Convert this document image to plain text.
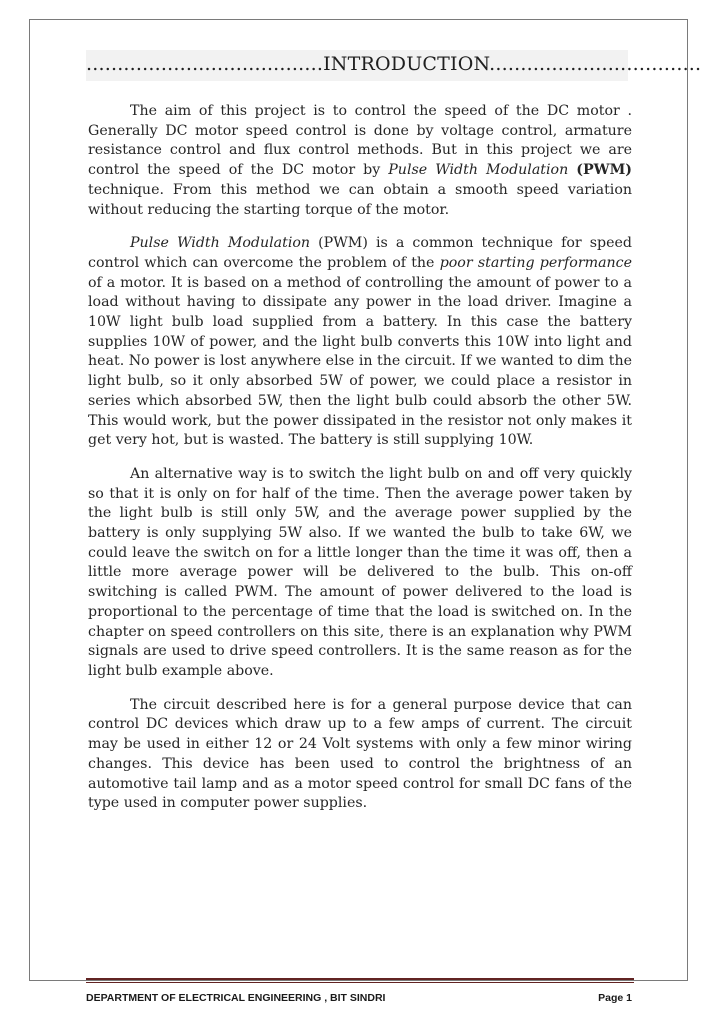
......................................INTRODUCTION..................................

The aim of this project is to control the speed of the DC motor . Generally DC motor speed control is done by voltage control, armature resistance control and flux control methods. But in this project we are control the speed of the DC motor by Pulse Width Modulation (PWM) technique. From this method we can obtain a smooth speed variation without reducing the starting torque of the motor.

Pulse Width Modulation (PWM) is a common technique for speed control which can overcome the problem of the poor starting performance of a motor. It is based on a method of controlling the amount of power to a load without having to dissipate any power in the load driver. Imagine a 10W light bulb load supplied from a battery. In this case the battery supplies 10W of power, and the light bulb converts this 10W into light and heat. No power is lost anywhere else in the circuit. If we wanted to dim the light bulb, so it only absorbed 5W of power, we could place a resistor in series which absorbed 5W, then the light bulb could absorb the other 5W. This would work, but the power dissipated in the resistor not only makes it get very hot, but is wasted. The battery is still supplying 10W.

An alternative way is to switch the light bulb on and off very quickly so that it is only on for half of the time. Then the average power taken by the light bulb is still only 5W, and the average power supplied by the battery is only supplying 5W also. If we wanted the bulb to take 6W, we could leave the switch on for a little longer than the time it was off, then a little more average power will be delivered to the bulb. This on-off switching is called PWM. The amount of power delivered to the load is proportional to the percentage of time that the load is switched on. In the chapter on speed controllers on this site, there is an explanation why PWM signals are used to drive speed controllers. It is the same reason as for the light bulb example above.

The circuit described here is for a general purpose device that can control DC devices which draw up to a few amps of current. The circuit may be used in either 12 or 24 Volt systems with only a few minor wiring changes. This device has been used to control the brightness of an automotive tail lamp and as a motor speed control for small DC fans of the type used in computer power supplies.

DEPARTMENT OF ELECTRICAL ENGINEERING , BIT SINDRI	Page 1
